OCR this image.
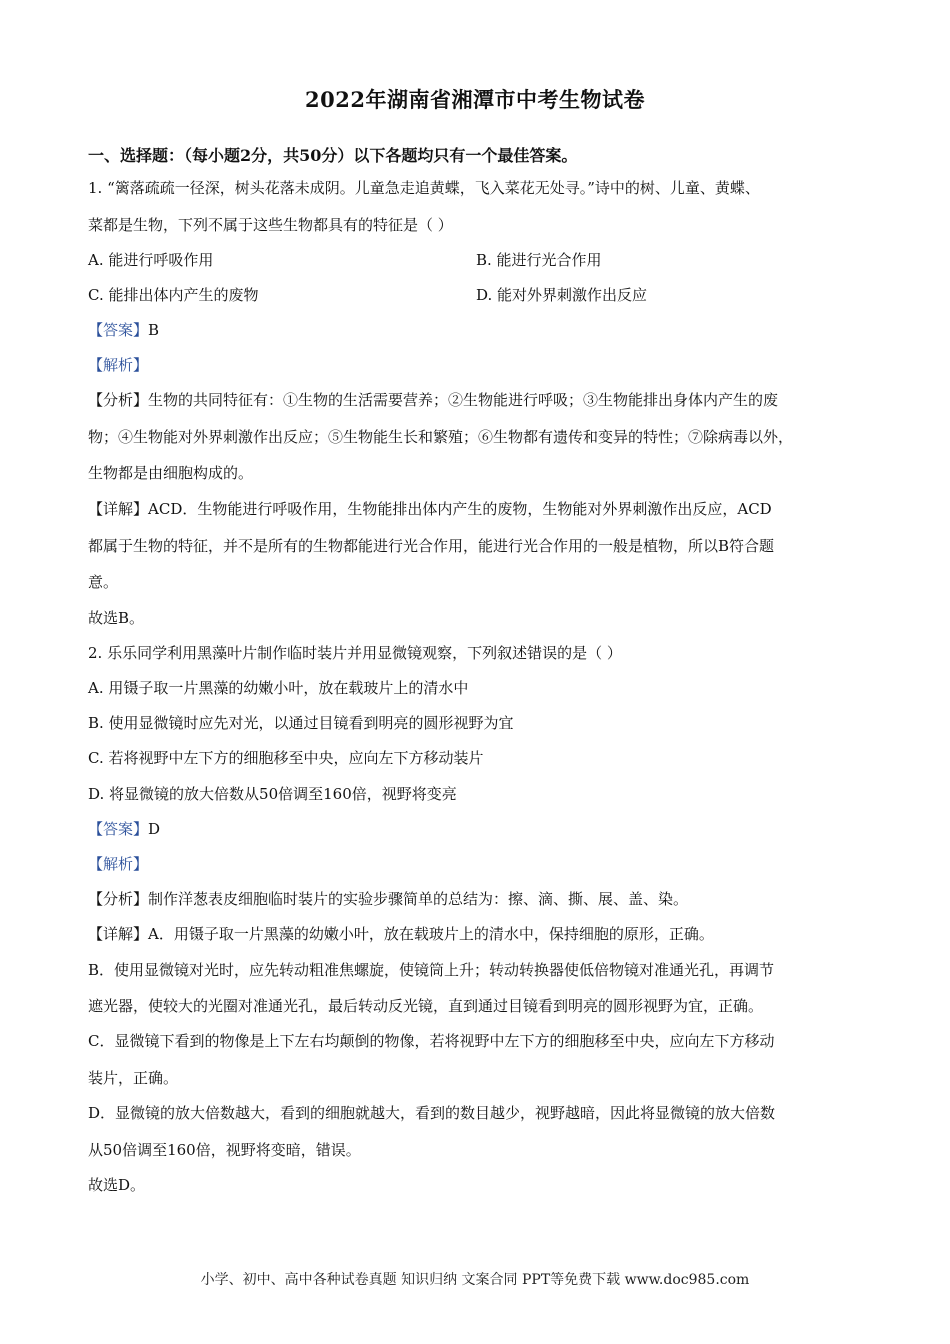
2022年湖南省湘潭市中考生物试卷
一、选择题：（每小题2分，共50分）以下各题均只有一个最佳答案。
1. “篱落疏疏一径深，树头花落未成阴。儿童急走追黄蝶，飞入菜花无处寻。”诗中的树、儿童、黄蝶、
菜都是生物，下列不属于这些生物都具有的特征是（ ）
A. 能进行呼吸作用	B. 能进行光合作用
C. 能排出体内产生的废物	D. 能对外界刺激作出反应
【答案】B
【解析】
【分析】生物的共同特征有：①生物的生活需要营养；②生物能进行呼吸；③生物能排出身体内产生的废
物；④生物能对外界刺激作出反应；⑤生物能生长和繁殖；⑥生物都有遗传和变异的特性；⑦除病毒以外，
生物都是由细胞构成的。
【详解】ACD．生物能进行呼吸作用，生物能排出体内产生的废物，生物能对外界刺激作出反应，ACD
都属于生物的特征，并不是所有的生物都能进行光合作用，能进行光合作用的一般是植物，所以B符合题
意。
故选B。
2. 乐乐同学利用黑藻叶片制作临时装片并用显微镜观察，下列叙述错误的是（ ）
A. 用镊子取一片黑藻的幼嫩小叶，放在载玻片上的清水中
B. 使用显微镜时应先对光，以通过目镜看到明亮的圆形视野为宜
C. 若将视野中左下方的细胞移至中央，应向左下方移动装片
D. 将显微镜的放大倍数从50倍调至160倍，视野将变亮
【答案】D
【解析】
【分析】制作洋葱表皮细胞临时装片的实验步骤简单的总结为：擦、滴、撕、展、盖、染。
【详解】A．用镊子取一片黑藻的幼嫩小叶，放在载玻片上的清水中，保持细胞的原形，正确。
B．使用显微镜对光时，应先转动粗准焦螺旋，使镜筒上升；转动转换器使低倍物镜对准通光孔，再调节
遮光器，使较大的光圈对准通光孔，最后转动反光镜，直到通过目镜看到明亮的圆形视野为宜，正确。
C．显微镜下看到的物像是上下左右均颠倒的物像，若将视野中左下方的细胞移至中央，应向左下方移动
装片，正确。
D．显微镜的放大倍数越大，看到的细胞就越大，看到的数目越少，视野越暗，因此将显微镜的放大倍数
从50倍调至160倍，视野将变暗，错误。
故选D。
小学、初中、高中各种试卷真题 知识归纳 文案合同 PPT等免费下载 www.doc985.com
